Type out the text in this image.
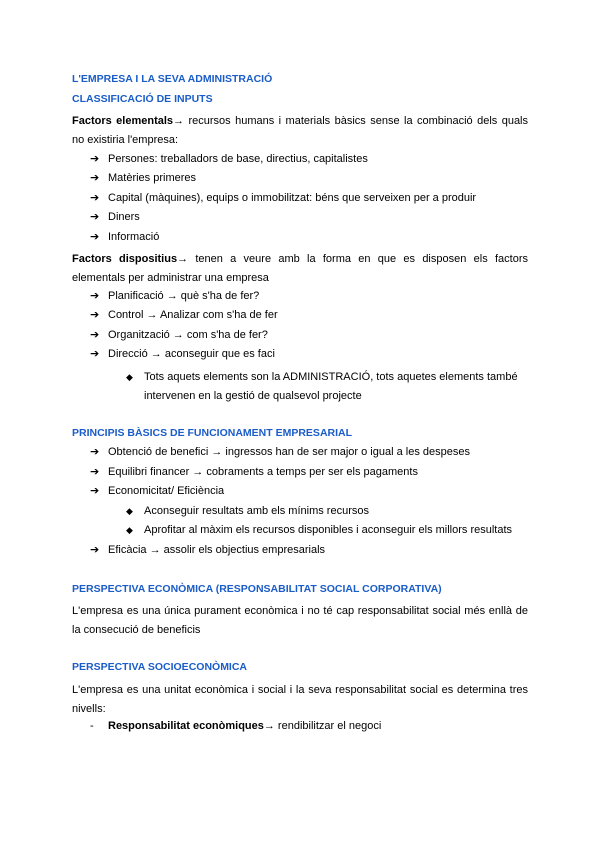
L'EMPRESA I LA SEVA ADMINISTRACIÓ
CLASSIFICACIÓ DE INPUTS
Factors elementals→ recursos humans i materials bàsics sense la combinació dels quals no existiria l'empresa:
➔ Persones: treballadors de base, directius, capitalistes
➔ Matèries primeres
➔ Capital (màquines), equips o immobilitzat: béns que serveixen per a produir
➔ Diners
➔ Informació
Factors dispositius→ tenen a veure amb la forma en que es disposen els factors elementals per administrar una empresa
➔ Planificació → què s'ha de fer?
➔ Control → Analizar com s'ha de fer
➔ Organització → com s'ha de fer?
➔ Direcció → aconseguir que es faci
◆ Tots aquets elements son la ADMINISTRACIÓ, tots aquetes elements també intervenen en la gestió de qualsevol projecte
PRINCIPIS BÀSICS DE FUNCIONAMENT EMPRESARIAL
➔ Obtenció de benefici → ingressos han de ser major o igual a les despeses
➔ Equilibri financer → cobraments a temps per ser els pagaments
➔ Economicitat/ Eficiència
◆ Aconseguir resultats amb els mínims recursos
◆ Aprofitar al màxim els recursos disponibles i aconseguir els millors resultats
➔ Eficàcia → assolir els objectius empresarials
PERSPECTIVA ECONÒMICA (RESPONSABILITAT SOCIAL CORPORATIVA)
L'empresa es una única purament econòmica i no té cap responsabilitat social més enllà de la consecució de beneficis
PERSPECTIVA SOCIOECONÒMICA
L'empresa es una unitat econòmica i social i la seva responsabilitat social es determina tres nivells:
- Responsabilitat econòmiques→ rendibilitzar el negoci
